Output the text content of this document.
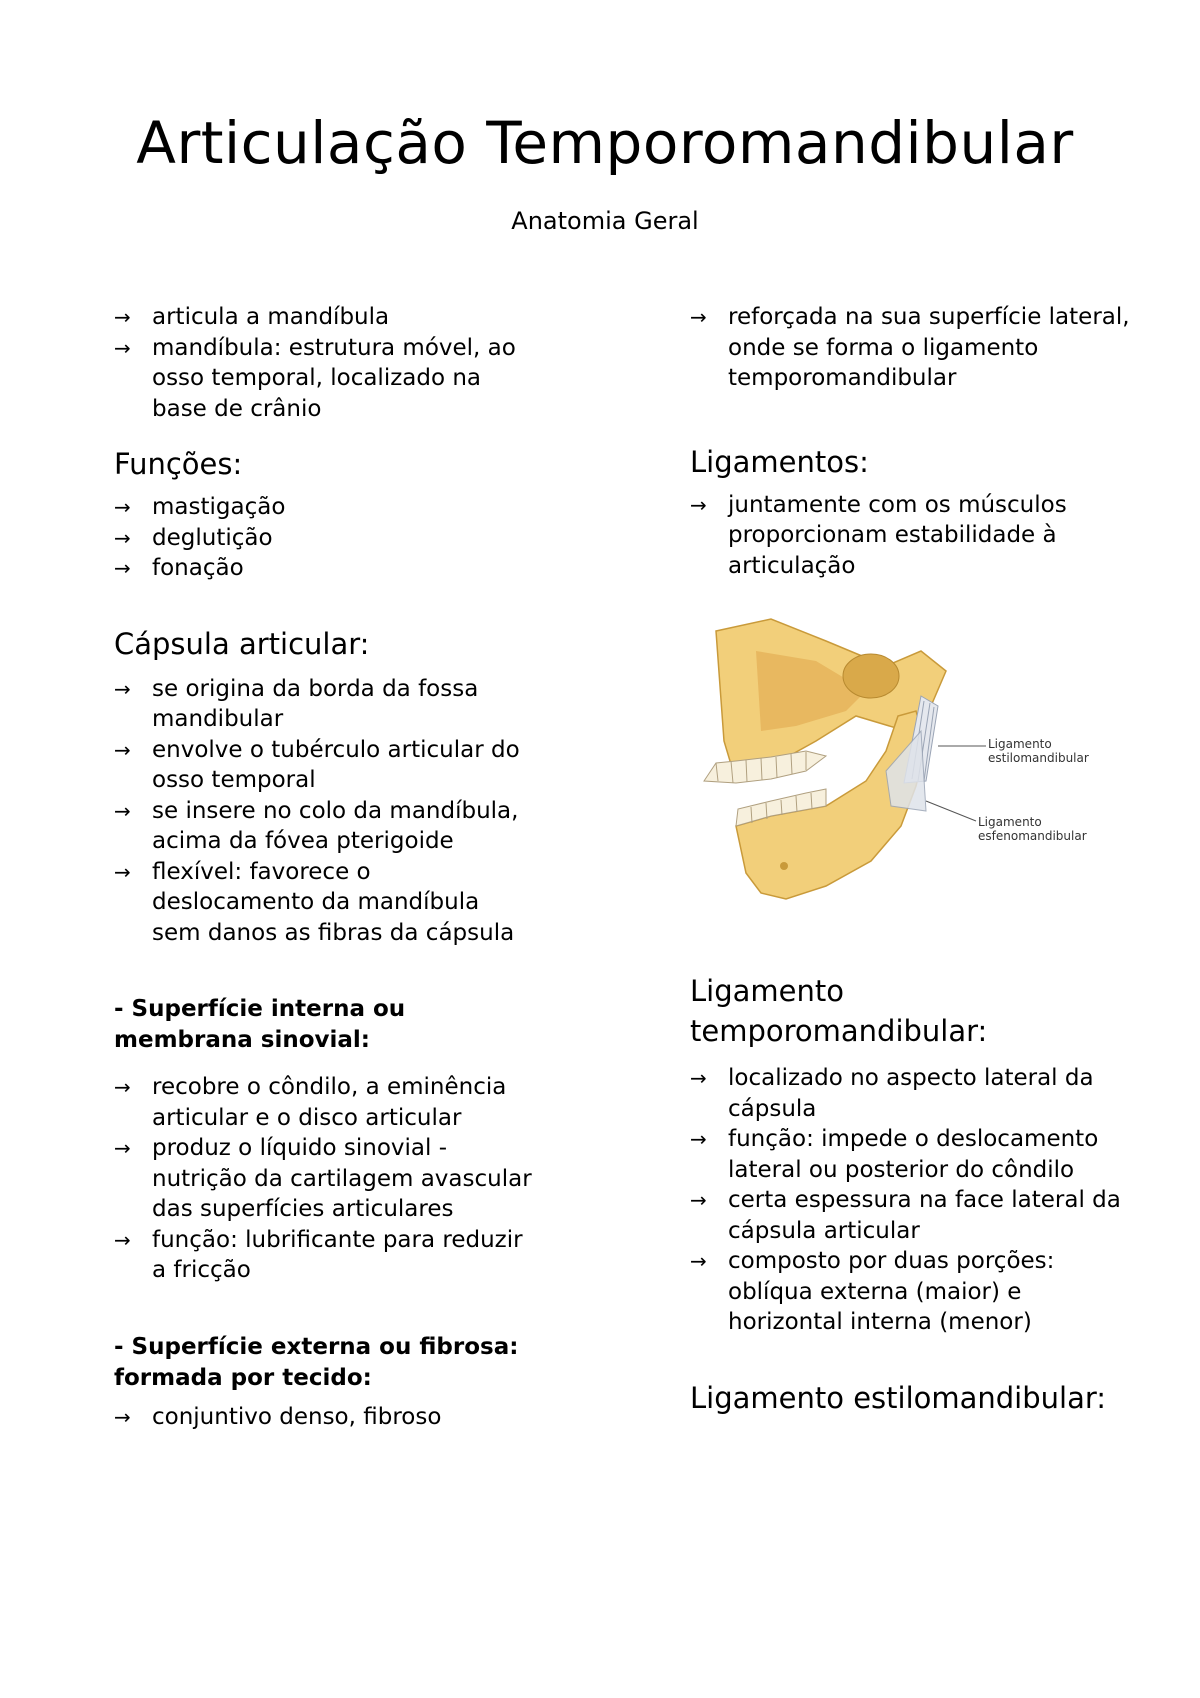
Articulação Temporomandibular

Anatomia Geral

→ articula a mandíbula
→ mandíbula: estrutura móvel, ao osso temporal, localizado na base de crânio
Funções:
→ mastigação
→ deglutição
→ fonação
Cápsula articular:
→ se origina da borda da fossa mandibular
→ envolve o tubérculo articular do osso temporal
→ se insere no colo da mandíbula, acima da fóvea pterigoide
→ flexível: favorece o deslocamento da mandíbula sem danos as fibras da cápsula

- Superfície interna ou membrana sinovial:

→ recobre o côndilo, a eminência articular e o disco articular
→ produz o líquido sinovial - nutrição da cartilagem avascular das superfícies articulares
→ função: lubrificante para reduzir a fricção

- Superfície externa ou fibrosa: formada por tecido:

→ conjuntivo denso, fibroso
→ reforçada na sua superfície lateral, onde se forma o ligamento temporomandibular
Ligamentos:
→ juntamente com os músculos proporcionam estabilidade à articulação
Ligamento estilomandibular
Ligamento esfenomandibular
Ligamento temporomandibular:
→ localizado no aspecto lateral da cápsula
→ função: impede o deslocamento lateral ou posterior do côndilo
→ certa espessura na face lateral da cápsula articular
→ composto por duas porções: oblíqua externa (maior) e horizontal interna (menor)
Ligamento estilomandibular:
